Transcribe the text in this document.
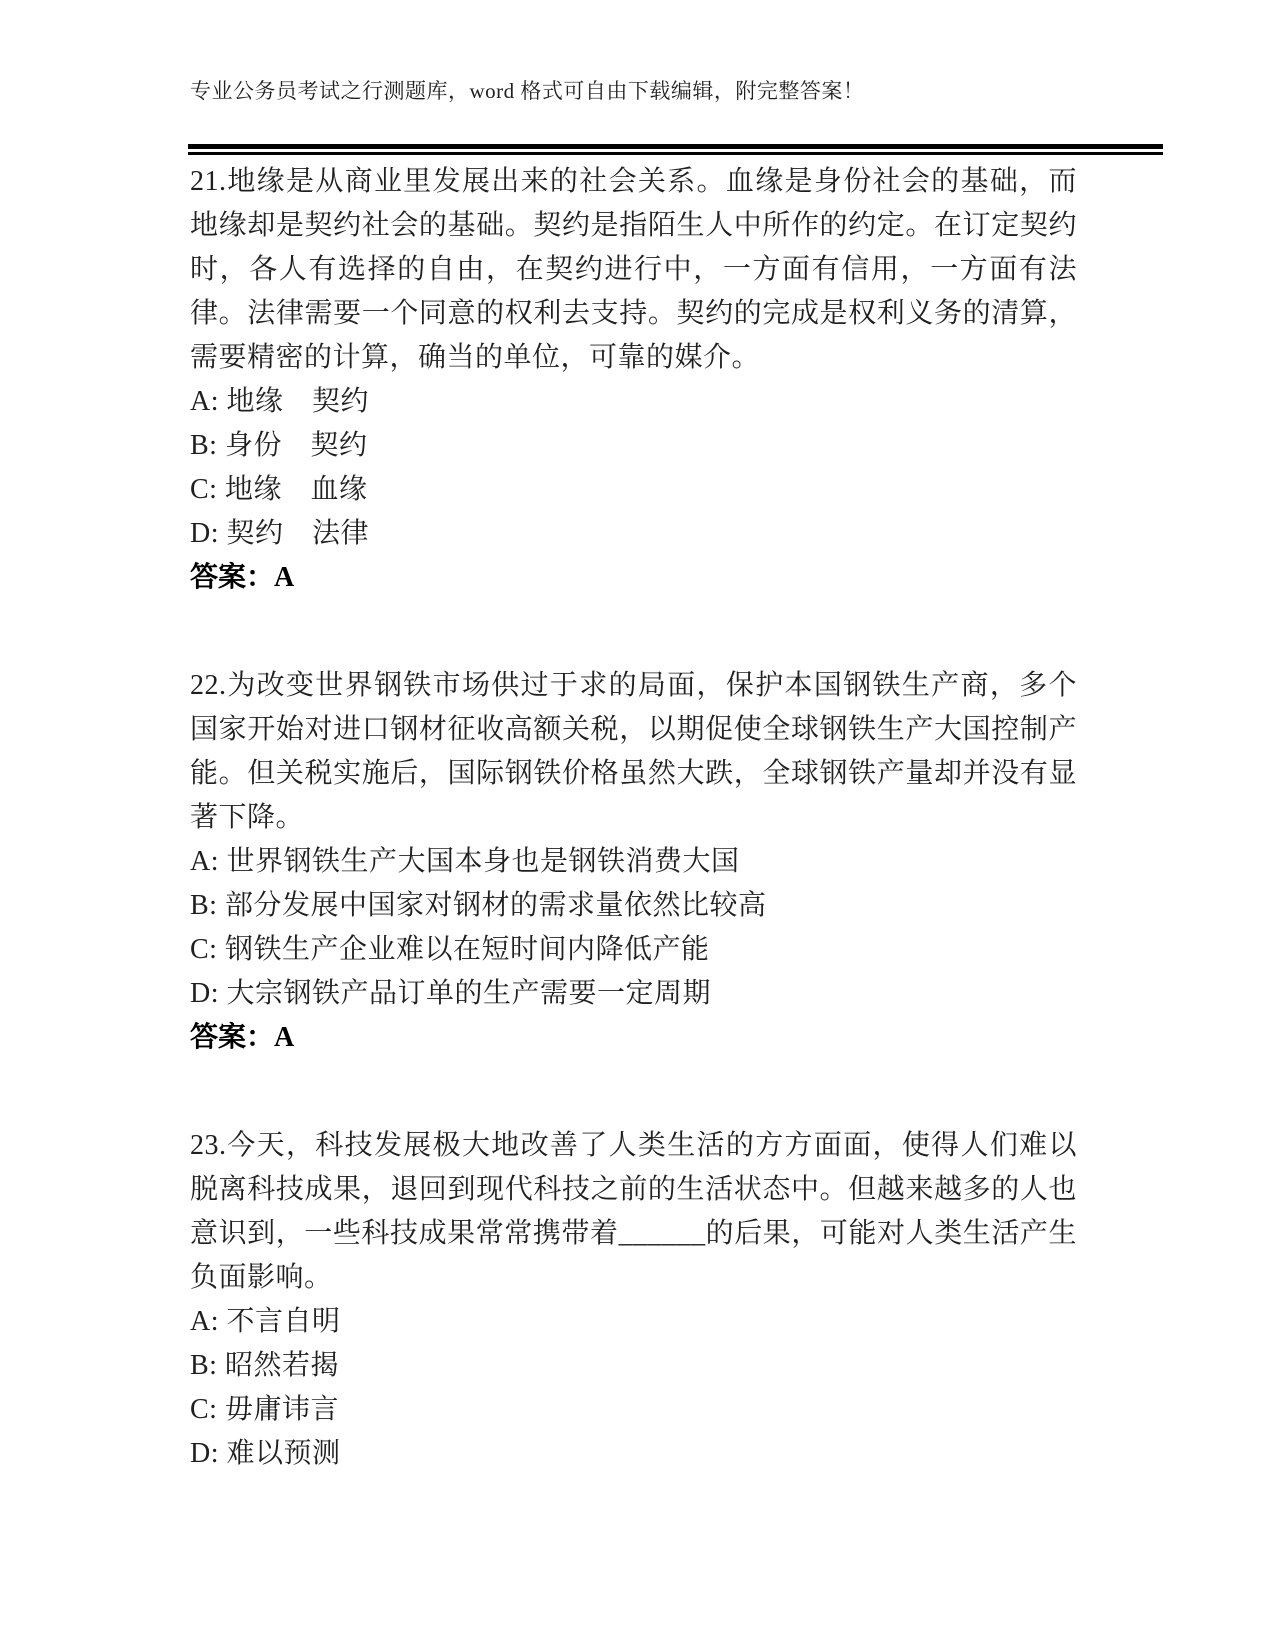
专业公务员考试之行测题库，word 格式可自由下载编辑，附完整答案！
21.地缘是从商业里发展出来的社会关系。血缘是身份社会的基础，而地缘却是契约社会的基础。契约是指陌生人中所作的约定。在订定契约时，各人有选择的自由，在契约进行中，一方面有信用，一方面有法律。法律需要一个同意的权利去支持。契约的完成是权利义务的清算，需要精密的计算，确当的单位，可靠的媒介。
A: 地缘　契约
B: 身份　契约
C: 地缘　血缘
D: 契约　法律
答案：A
22.为改变世界钢铁市场供过于求的局面，保护本国钢铁生产商，多个国家开始对进口钢材征收高额关税，以期促使全球钢铁生产大国控制产能。但关税实施后，国际钢铁价格虽然大跌，全球钢铁产量却并没有显著下降。
A: 世界钢铁生产大国本身也是钢铁消费大国
B: 部分发展中国家对钢材的需求量依然比较高
C: 钢铁生产企业难以在短时间内降低产能
D: 大宗钢铁产品订单的生产需要一定周期
答案：A
23.今天，科技发展极大地改善了人类生活的方方面面，使得人们难以脱离科技成果，退回到现代科技之前的生活状态中。但越来越多的人也意识到，一些科技成果常常携带着______的后果，可能对人类生活产生负面影响。
A: 不言自明
B: 昭然若揭
C: 毋庸讳言
D: 难以预测
